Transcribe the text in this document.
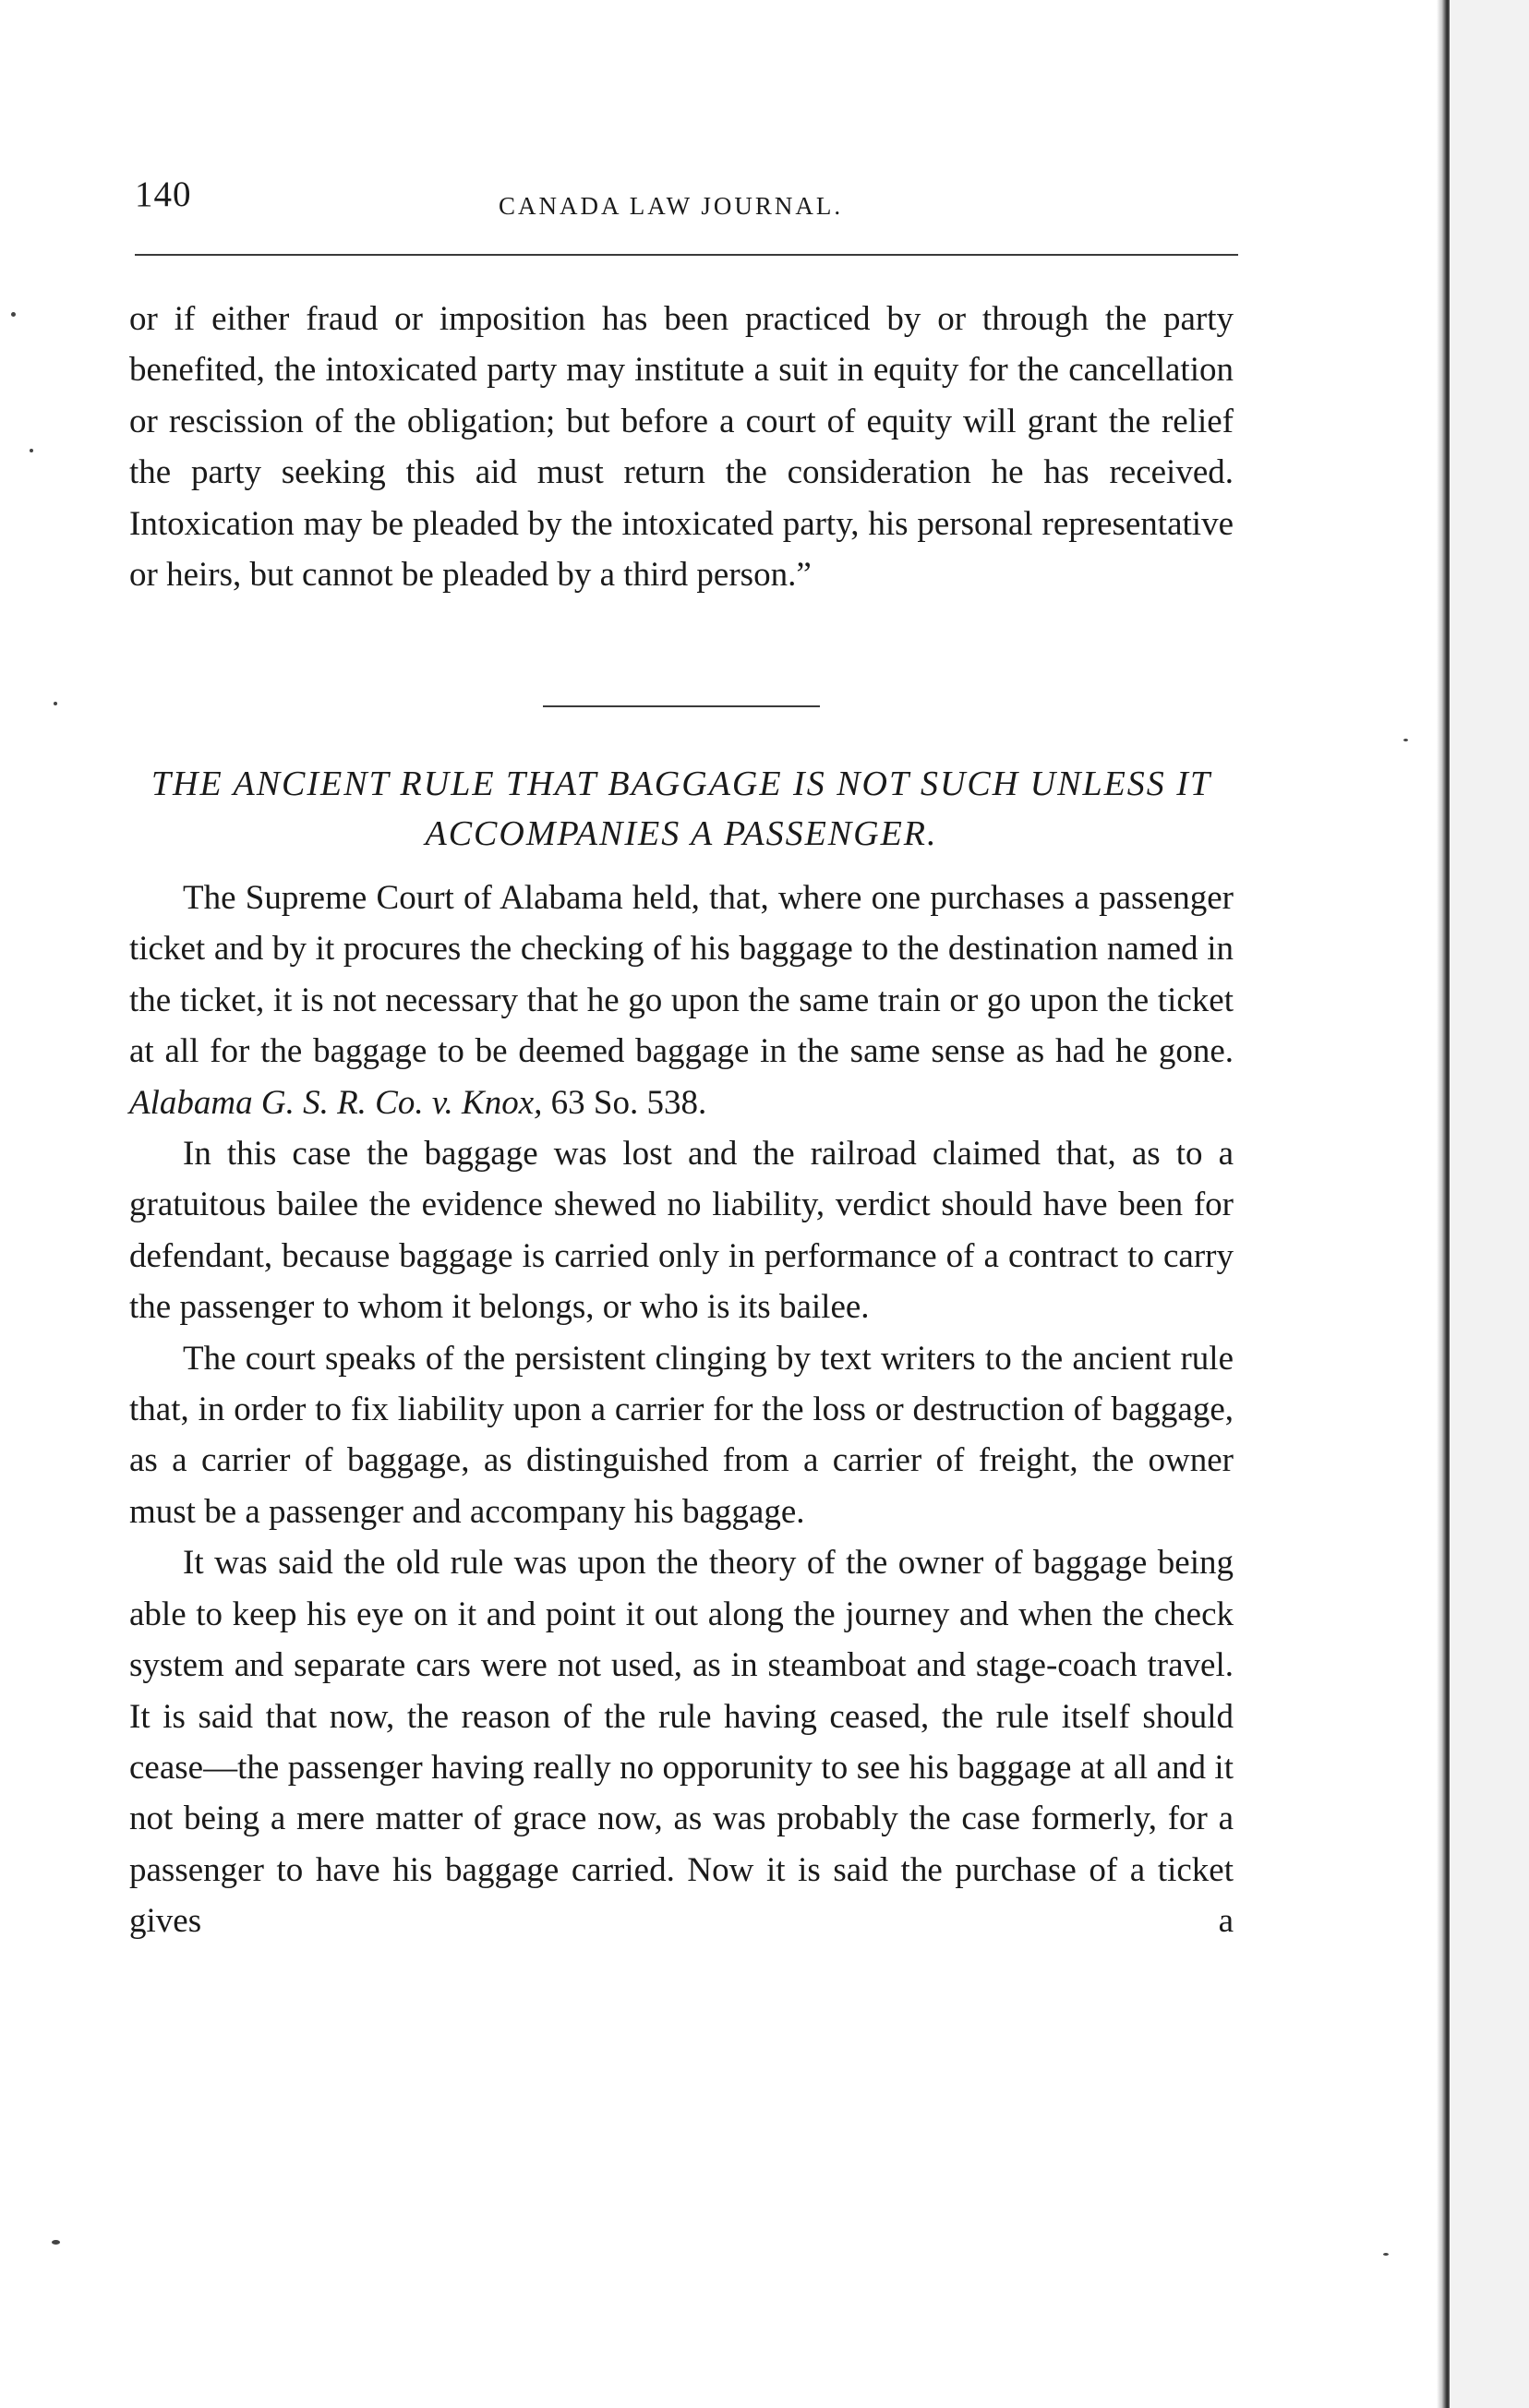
140	CANADA LAW JOURNAL.

or if either fraud or imposition has been practiced by or through the party benefited, the intoxicated party may institute a suit in equity for the cancellation or rescission of the obligation; but before a court of equity will grant the relief the party seeking this aid must return the consideration he has received. Intoxication may be pleaded by the intoxicated party, his personal representative or heirs, but cannot be pleaded by a third person.”

THE ANCIENT RULE THAT BAGGAGE IS NOT SUCH UNLESS IT ACCOMPANIES A PASSENGER.

The Supreme Court of Alabama held, that, where one purchases a passenger ticket and by it procures the checking of his baggage to the destination named in the ticket, it is not necessary that he go upon the same train or go upon the ticket at all for the baggage to be deemed baggage in the same sense as had he gone. Alabama G. S. R. Co. v. Knox, 63 So. 538.

In this case the baggage was lost and the railroad claimed that, as to a gratuitous bailee the evidence shewed no liability, verdict should have been for defendant, because baggage is carried only in performance of a contract to carry the passenger to whom it belongs, or who is its bailee.

The court speaks of the persistent clinging by text writers to the ancient rule that, in order to fix liability upon a carrier for the loss or destruction of baggage, as a carrier of baggage, as distinguished from a carrier of freight, the owner must be a passenger and accompany his baggage.

It was said the old rule was upon the theory of the owner of baggage being able to keep his eye on it and point it out along the journey and when the check system and separate cars were not used, as in steamboat and stage-coach travel. It is said that now, the reason of the rule having ceased, the rule itself should cease—the passenger having really no opporunity to see his baggage at all and it not being a mere matter of grace now, as was probably the case formerly, for a passenger to have his baggage carried. Now it is said the purchase of a ticket gives a
